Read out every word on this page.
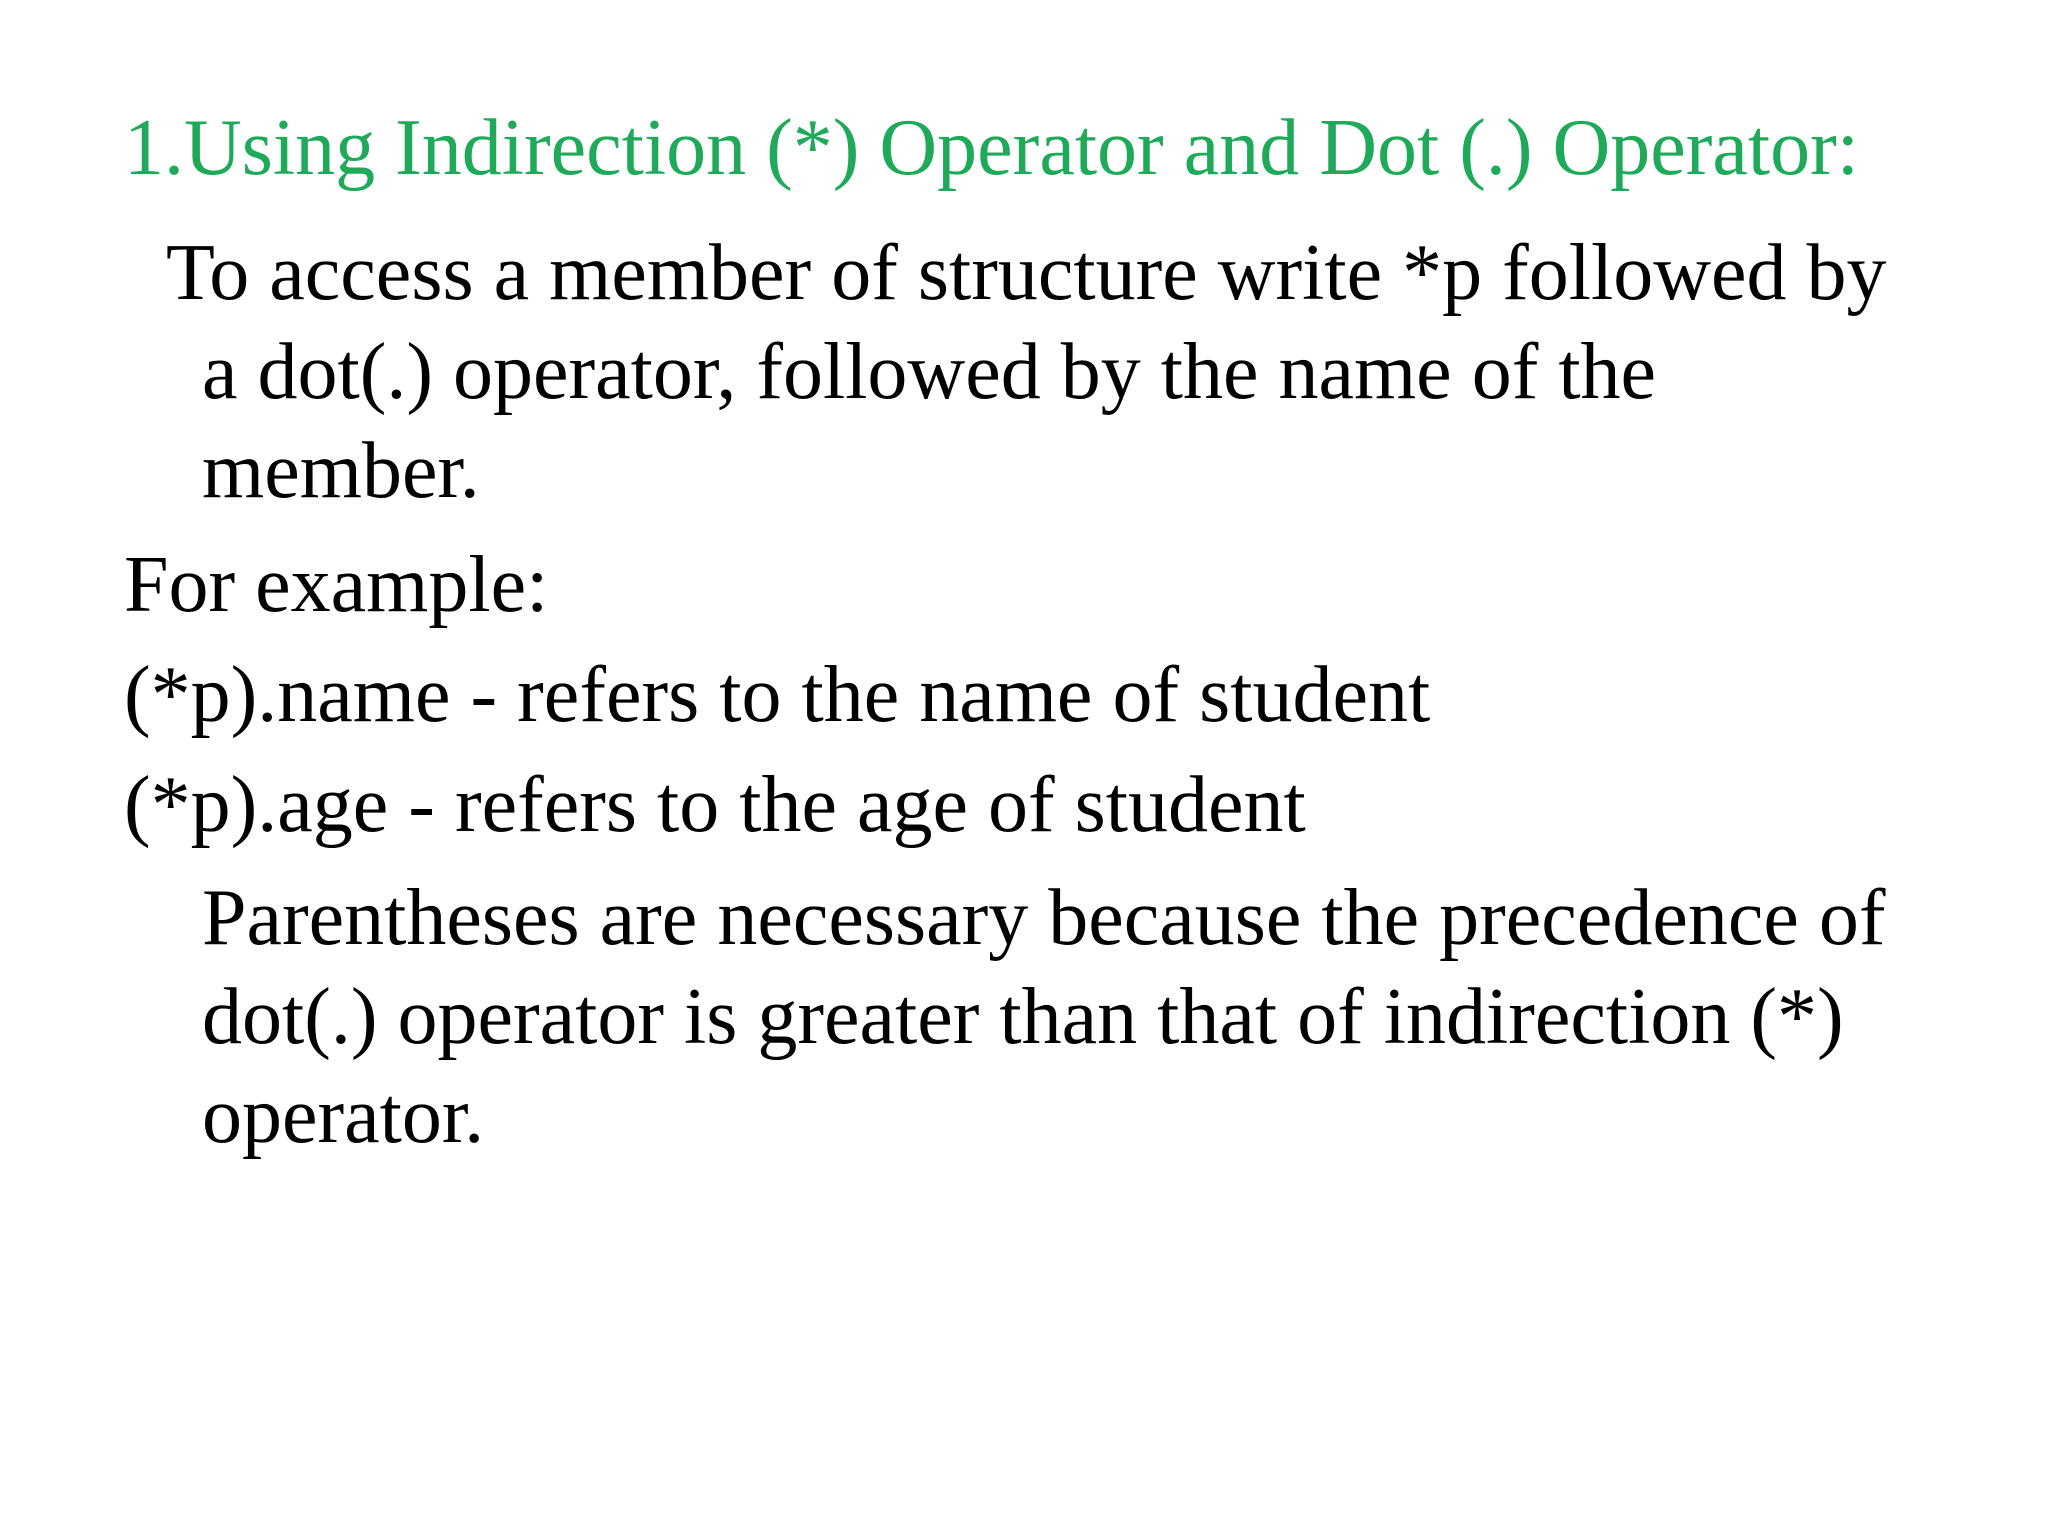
1.Using Indirection (*) Operator and Dot (.) Operator:
To access a member of structure write *p followed by
a dot(.) operator, followed by the name of the
member.
For example:
(*p).name - refers to the name of student
(*p).age - refers to the age of student
Parentheses are necessary because the precedence of
dot(.) operator is greater than that of indirection (*)
operator.
